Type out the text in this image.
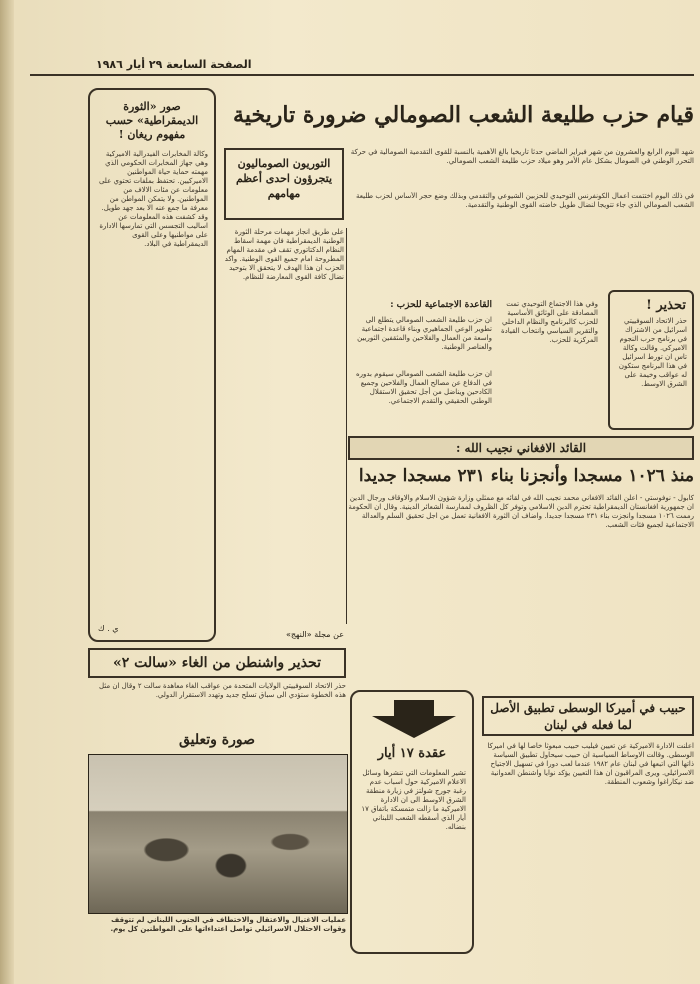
الصفحة السابعة ٢٩ أيار ١٩٨٦
صور «الثورة الديمقراطية» حسب مفهوم ريغان !
وكالة المخابرات الفيدرالية الاميركية وهي جهاز المخابرات الحكومي الذي مهمته حماية حياة المواطنين الاميركيين. تحتفظ بملفات تحتوي على معلومات عن مئات الالاف من المواطنين. ولا يتمكن المواطن من معرفة ما جمع عنه الا بعد جهد طويل. وقد كشفت هذه المعلومات عن اساليب التجسس التي تمارسها الادارة على مواطنيها وعلى القوى الديمقراطية في البلاد.
ي . ك
قيام حزب طليعة الشعب الصومالي ضرورة تاريخية
شهد اليوم الرابع والعشرون من شهر فبراير الماضي حدثا تاريخيا بالغ الأهمية بالنسبة للقوى التقدمية الصومالية في حركة التحرر الوطني في الصومال بشكل عام الأمر وهو ميلاد حزب طليعة الشعب الصومالي.
في ذلك اليوم اختتمت أعمال الكونفرنس التوحيدي للحزبين الشيوعي والتقدمي وبذلك وضع حجر الأساس لحزب طليعة الشعب الصومالي الذي جاء تتويجا لنضال طويل خاضته القوى الوطنية والتقدمية.
التوريون الصوماليون يتجرؤون احدى أعظم مهامهم
على طريق انجاز مهمات مرحلة الثورة الوطنية الديمقراطية فان مهمة اسقاط النظام الدكتاتوري تقف في مقدمة المهام المطروحة امام جميع القوى الوطنية. واكد الحزب ان هذا الهدف لا يتحقق الا بتوحيد نضال كافة القوى المعارضة للنظام.
عن مجلة «النهج»
القاعدة الاجتماعية للحزب :
ان حزب طليعة الشعب الصومالي يتطلع الى تطوير الوعي الجماهيري وبناء قاعدة اجتماعية واسعة من العمال والفلاحين والمثقفين الثوريين والعناصر الوطنية.
ان حزب طليعة الشعب الصومالي سيقوم بدوره في الدفاع عن مصالح العمال والفلاحين وجميع الكادحين ويناضل من أجل تحقيق الاستقلال الوطني الحقيقي والتقدم الاجتماعي.
وفي هذا الاجتماع التوحيدي تمت المصادقة على الوثائق الأساسية للحزب كالبرنامج والنظام الداخلي والتقرير السياسي وانتخاب القيادة المركزية للحزب.
تحذير !
حذر الاتحاد السوفييتي اسرائيل من الاشتراك في برنامج حرب النجوم الاميركي. وقالت وكالة تاس ان تورط اسرائيل في هذا البرنامج ستكون له عواقب وخيمة على الشرق الاوسط.
القائد الافغاني نجيب الله :
منذ ١٠٢٦ مسجدا وأنجزنا بناء ٢٣١ مسجدا جديدا
كابول - نوفوستي - اعلن القائد الافغاني محمد نجيب الله في لقائه مع ممثلي وزارة شؤون الاسلام والاوقاف ورجال الدين ان جمهورية افغانستان الديمقراطية تحترم الدين الاسلامي وتوفر كل الظروف لممارسة الشعائر الدينية. وقال ان الحكومة رممت ١٠٢٦ مسجدا وانجزت بناء ٢٣١ مسجدا جديدا. واضاف ان الثورة الافغانية تعمل من اجل تحقيق السلم والعدالة الاجتماعية لجميع فئات الشعب.
تحذير واشنطن من الغاء «سالت ٢»
حذر الاتحاد السوفييتي الولايات المتحدة من عواقب الغاء معاهدة سالت ٢ وقال ان مثل هذه الخطوة ستؤدي الى سباق تسلح جديد وتهدد الاستقرار الدولي.
صورة وتعليق
عمليات الاغتيال والاعتقال والاختطاف في الجنوب اللبناني لم تتوقف وقوات الاحتلال الاسرائيلي تواصل اعتداءاتها على المواطنين كل يوم.
عقدة ١٧ أيار
تشير المعلومات التي تنشرها وسائل الاعلام الاميركية حول اسباب عدم رغبة جورج شولتز في زيارة منطقة الشرق الاوسط الى ان الادارة الاميركية ما زالت متمسكة باتفاق ١٧ أيار الذي أسقطه الشعب اللبناني بنضاله.
حبيب في أميركا الوسطى تطبيق الأصل لما فعله في لبنان
اعلنت الادارة الاميركية عن تعيين فيليب حبيب مبعوثا خاصا لها في اميركا الوسطى. وقالت الاوساط السياسية ان حبيب سيحاول تطبيق السياسة ذاتها التي اتبعها في لبنان عام ١٩٨٢ عندما لعب دورا في تسهيل الاجتياح الاسرائيلي. ويرى المراقبون ان هذا التعيين يؤكد نوايا واشنطن العدوانية ضد نيكاراغوا وشعوب المنطقة.
